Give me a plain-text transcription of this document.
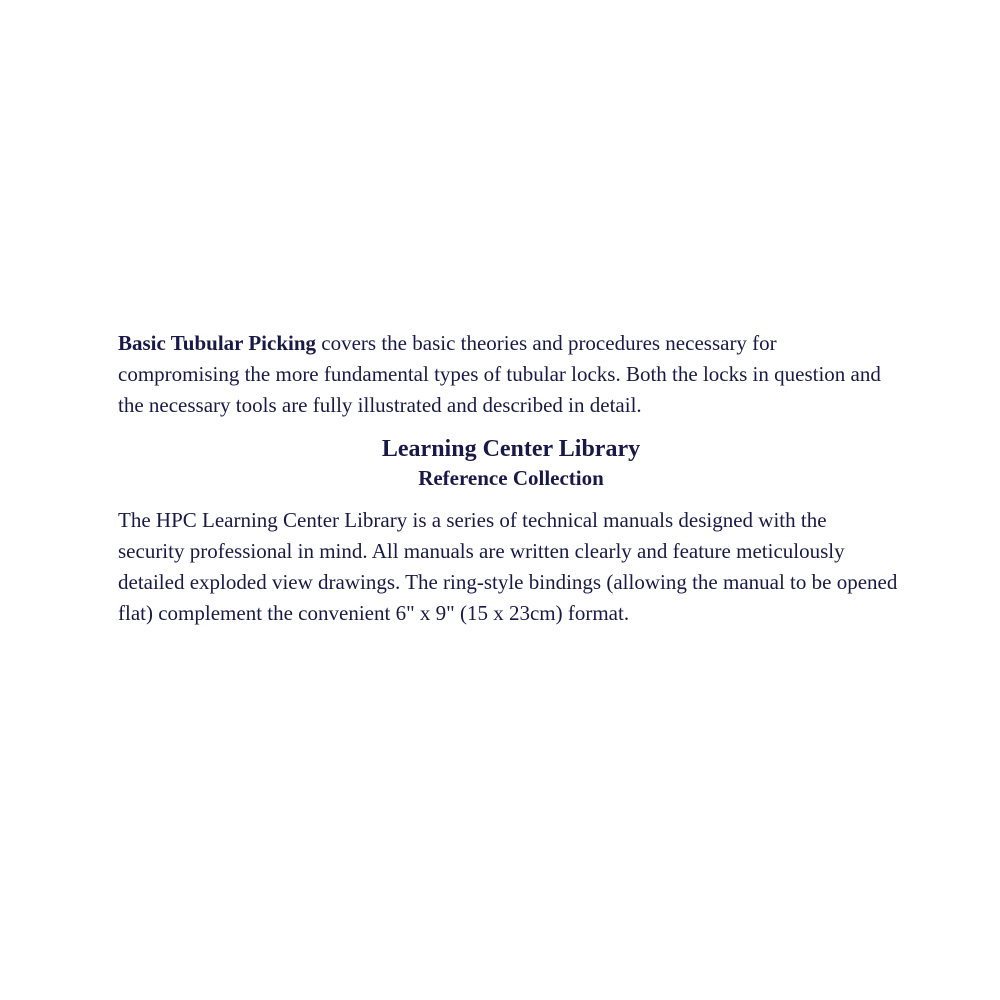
Basic Tubular Picking covers the basic theories and procedures necessary for compromising the more fundamental types of tubular locks. Both the locks in question and the necessary tools are fully illustrated and described in detail.

Learning Center Library

Reference Collection

The HPC Learning Center Library is a series of technical manuals designed with the security professional in mind. All manuals are written clearly and feature meticulously detailed exploded view drawings. The ring-style bindings (allowing the manual to be opened flat) complement the convenient 6" x 9" (15 x 23cm) format.
